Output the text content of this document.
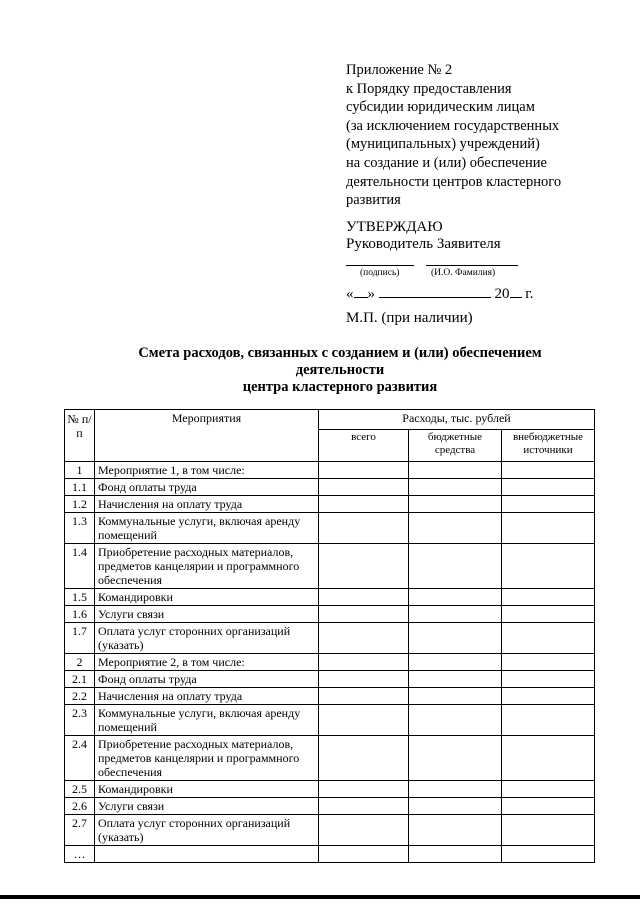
Приложение № 2
к Порядку предоставления
субсидии юридическим лицам
(за исключением государственных
(муниципальных) учреждений)
на создание и (или) обеспечение
деятельности центров кластерного
развития
УТВЕРЖДАЮ
Руководитель Заявителя
(подпись)	(И.О. Фамилия)
« »	20 г.
М.П. (при наличии)
Смета расходов, связанных с созданием и (или) обеспечением
деятельности
центра кластерного развития
№ п/п	Мероприятия	Расходы, тыс. рублей		
		всего	бюджетные средства	внебюджетные источники
1	Мероприятие 1, в том числе:			
1.1	Фонд оплаты труда			
1.2	Начисления на оплату труда			
1.3	Коммунальные услуги, включая аренду помещений			
1.4	Приобретение расходных материалов, предметов канцелярии и программного обеспечения			
1.5	Командировки			
1.6	Услуги связи			
1.7	Оплата услуг сторонних организаций (указать)			
2	Мероприятие 2, в том числе:			
2.1	Фонд оплаты труда			
2.2	Начисления на оплату труда			
2.3	Коммунальные услуги, включая аренду помещений			
2.4	Приобретение расходных материалов, предметов канцелярии и программного обеспечения			
2.5	Командировки			
2.6	Услуги связи			
2.7	Оплата услуг сторонних организаций (указать)			
…				
